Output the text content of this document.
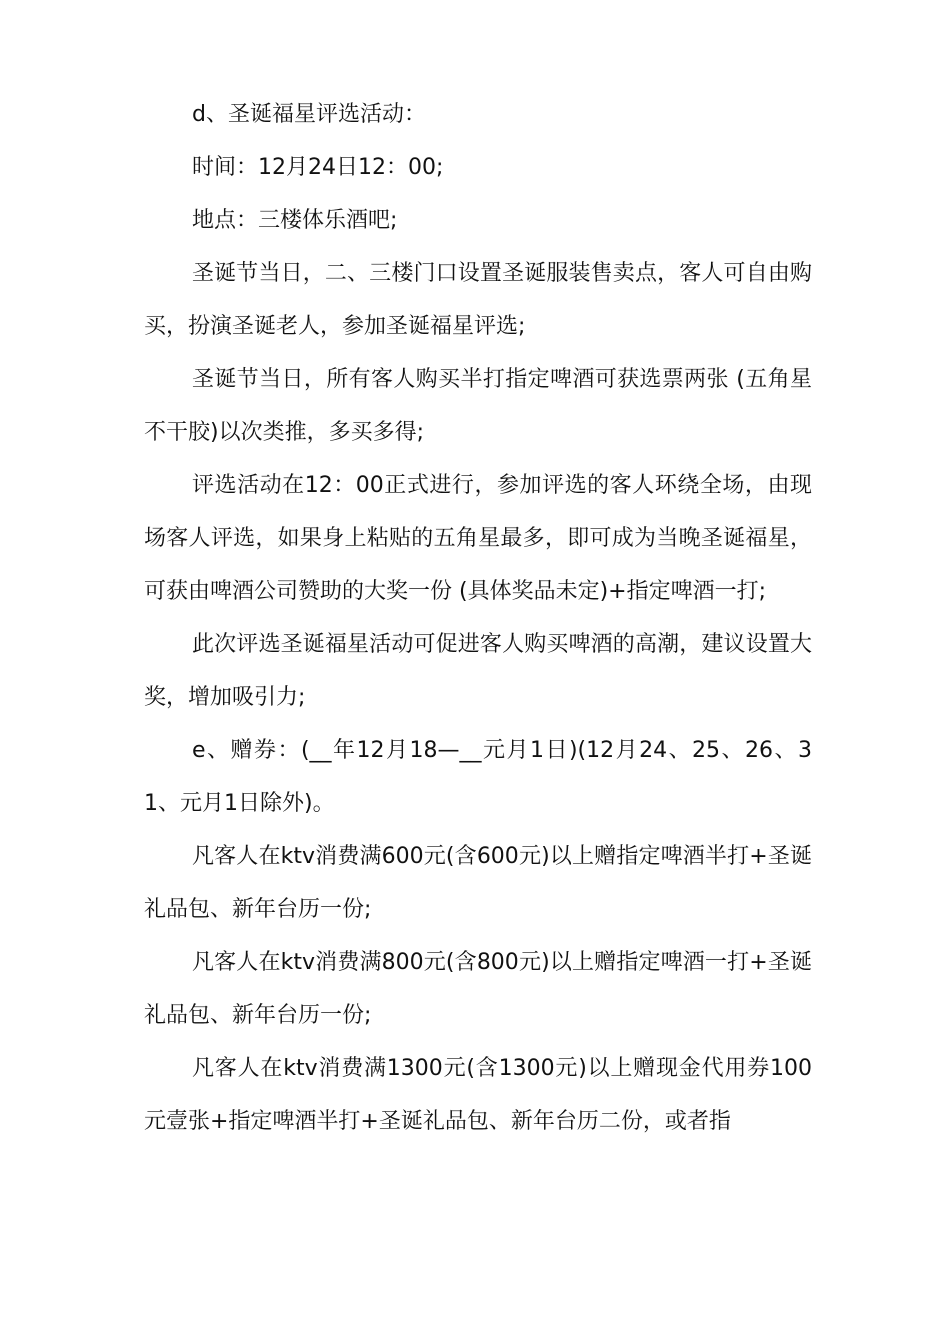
d、圣诞福星评选活动：

时间：12月24日12：00;

地点：三楼体乐酒吧;

圣诞节当日，二、三楼门口设置圣诞服装售卖点，客人可自由购买，扮演圣诞老人，参加圣诞福星评选;

圣诞节当日，所有客人购买半打指定啤酒可获选票两张 (五角星不干胶)以次类推，多买多得;

评选活动在12：00正式进行，参加评选的客人环绕全场，由现场客人评选，如果身上粘贴的五角星最多，即可成为当晚圣诞福星，可获由啤酒公司赞助的大奖一份 (具体奖品未定)+指定啤酒一打;

此次评选圣诞福星活动可促进客人购买啤酒的高潮，建议设置大奖，增加吸引力;

e、赠券：(__年12月18—__元月1日)(12月24、25、26、31、元月1日除外)。

凡客人在ktv消费满600元(含600元)以上赠指定啤酒半打+圣诞礼品包、新年台历一份;

凡客人在ktv消费满800元(含800元)以上赠指定啤酒一打+圣诞礼品包、新年台历一份;

凡客人在ktv消费满1300元(含1300元)以上赠现金代用券100元壹张+指定啤酒半打+圣诞礼品包、新年台历二份，或者指
